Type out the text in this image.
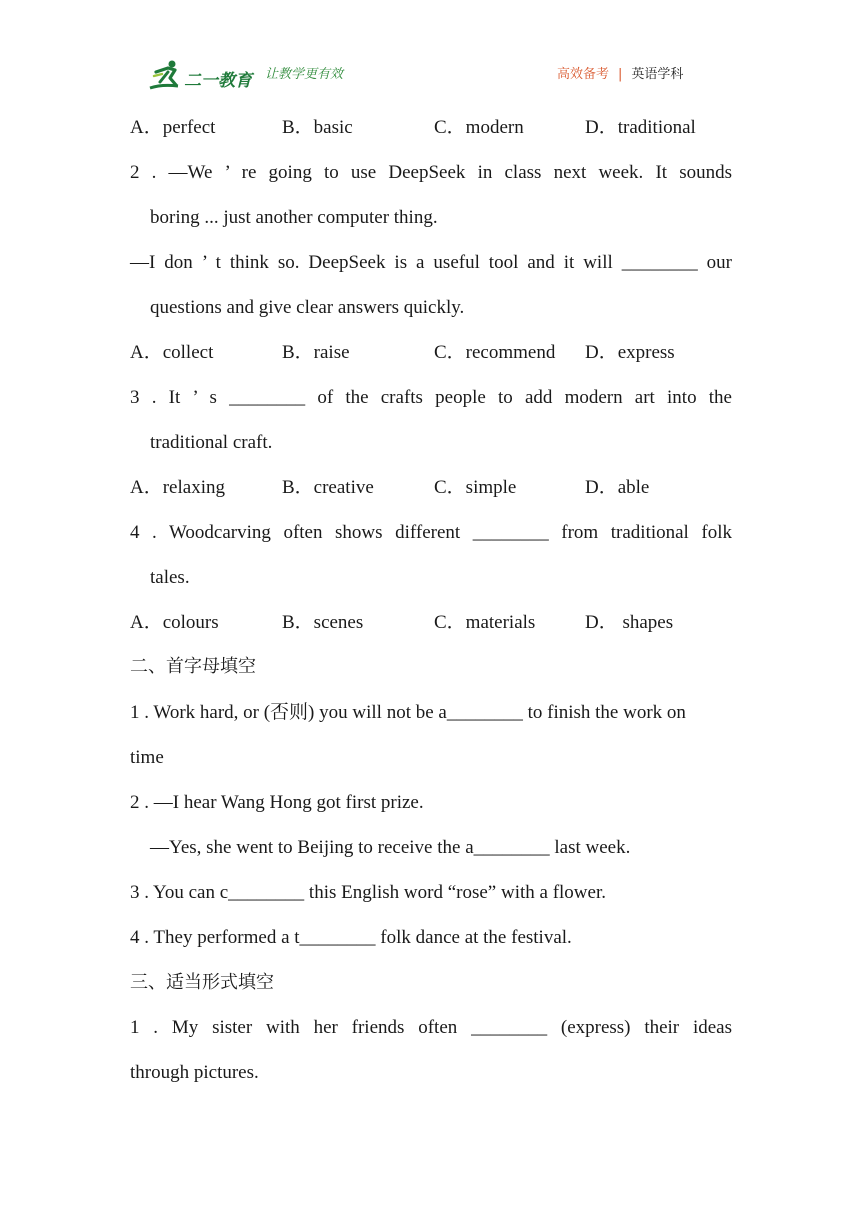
二一教育 让教学更有效	高效备考 | 英语学科
A．perfect	B．basic	C．modern	D．traditional
2 . —We ’ re going to use DeepSeek in class next week. It sounds
boring ... just another computer thing.
—I don ’ t think so. DeepSeek is a useful tool and it will ________ our
questions and give clear answers quickly.
A．collect	B．raise	C．recommend D．express
3 . It ’ s ________ of the crafts people to add modern art into the
traditional craft.
A．relaxing	B．creative	C．simple	D．able
4 . Woodcarving often shows different ________ from traditional folk
tales.
A．colours	B．scenes	C．materials	D． shapes
二、首字母填空
1 . Work hard, or (否则) you will not be a________ to finish the work on
time
2 . —I hear Wang Hong got first prize.
—Yes, she went to Beijing to receive the a________ last week.
3 . You can c________ this English word “rose” with a flower.
4 . They performed a t________ folk dance at the festival.
三、适当形式填空
1 . My sister with her friends often ________ (express) their ideas
through pictures.
